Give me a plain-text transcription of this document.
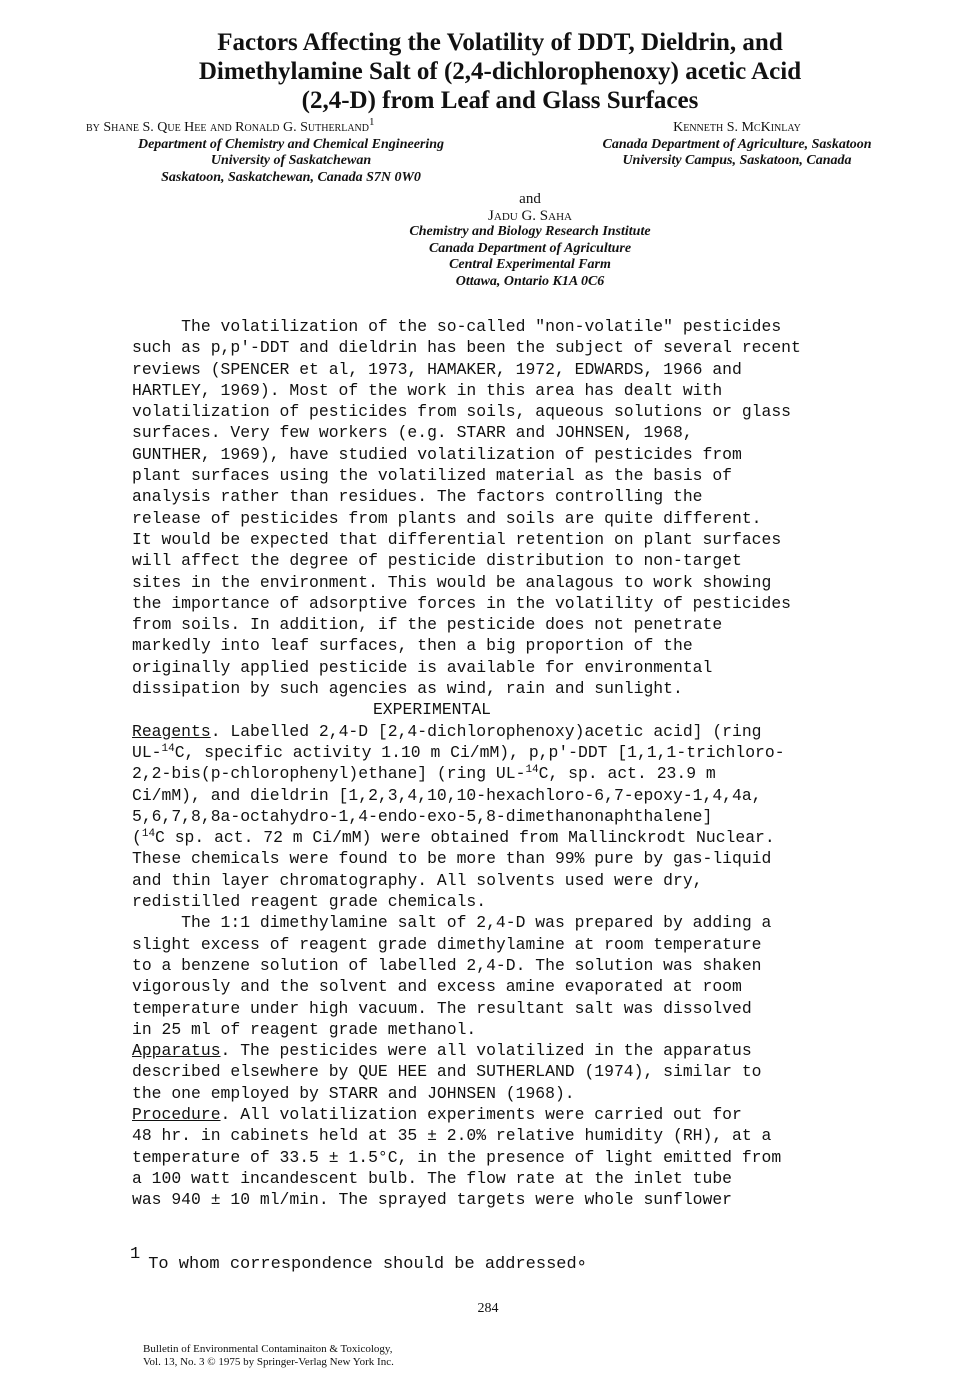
Factors Affecting the Volatility of DDT, Dieldrin, and
Dimethylamine Salt of (2,4-dichlorophenoxy) acetic Acid
(2,4-D) from Leaf and Glass Surfaces
by Shane S. Que Hee and Ronald G. Sutherland$^1$
Department of Chemistry and Chemical Engineering
University of Saskatchewan
Saskatoon, Saskatchewan, Canada S7N 0W0
Kenneth S. McKinlay
Canada Department of Agriculture, Saskatoon
University Campus, Saskatoon, Canada
and
Jadu G. Saha
Chemistry and Biology Research Institute
Canada Department of Agriculture
Central Experimental Farm
Ottawa, Ontario K1A 0C6
The volatilization of the so-called "non-volatile" pesticides
such as p,p'-DDT and dieldrin has been the subject of several recent
reviews (SPENCER et al, 1973, HAMAKER, 1972, EDWARDS, 1966 and
HARTLEY, 1969). Most of the work in this area has dealt with
volatilization of pesticides from soils, aqueous solutions or glass
surfaces. Very few workers (e.g. STARR and JOHNSEN, 1968,
GUNTHER, 1969), have studied volatilization of pesticides from
plant surfaces using the volatilized material as the basis of
analysis rather than residues. The factors controlling the
release of pesticides from plants and soils are quite different.
It would be expected that differential retention on plant surfaces
will affect the degree of pesticide distribution to non-target
sites in the environment. This would be analagous to work showing
the importance of adsorptive forces in the volatility of pesticides
from soils. In addition, if the pesticide does not penetrate
markedly into leaf surfaces, then a big proportion of the
originally applied pesticide is available for environmental
dissipation by such agencies as wind, rain and sunlight.
EXPERIMENTAL
Reagents. Labelled 2,4-D [2,4-dichlorophenoxy)acetic acid] (ring
UL-$^{14}$C, specific activity 1.10 m Ci/mM), p,p'-DDT [1,1,1-trichloro-
2,2-bis(p-chlorophenyl)ethane] (ring UL-$^{14}$C, sp. act. 23.9 m
Ci/mM), and dieldrin [1,2,3,4,10,10-hexachloro-6,7-epoxy-1,4,4a,
5,6,7,8,8a-octahydro-1,4-endo-exo-5,8-dimethanonaphthalene]
($^{14}$C sp. act. 72 m Ci/mM) were obtained from Mallinckrodt Nuclear.
These chemicals were found to be more than 99% pure by gas-liquid
and thin layer chromatography. All solvents used were dry,
redistilled reagent grade chemicals.
The 1:1 dimethylamine salt of 2,4-D was prepared by adding a
slight excess of reagent grade dimethylamine at room temperature
to a benzene solution of labelled 2,4-D. The solution was shaken
vigorously and the solvent and excess amine evaporated at room
temperature under high vacuum. The resultant salt was dissolved
in 25 ml of reagent grade methanol.
Apparatus. The pesticides were all volatilized in the apparatus
described elsewhere by QUE HEE and SUTHERLAND (1974), similar to
the one employed by STARR and JOHNSEN (1968).
Procedure. All volatilization experiments were carried out for
48 hr. in cabinets held at 35 ± 2.0% relative humidity (RH), at a
temperature of 33.5 ± 1.5°C, in the presence of light emitted from
a 100 watt incandescent bulb. The flow rate at the inlet tube
was 940 ± 10 ml/min. The sprayed targets were whole sunflower
1To whom correspondence should be addressed∘
284
Bulletin of Environmental Contaminaiton & Toxicology,
Vol. 13, No. 3 © 1975 by Springer-Verlag New York Inc.
